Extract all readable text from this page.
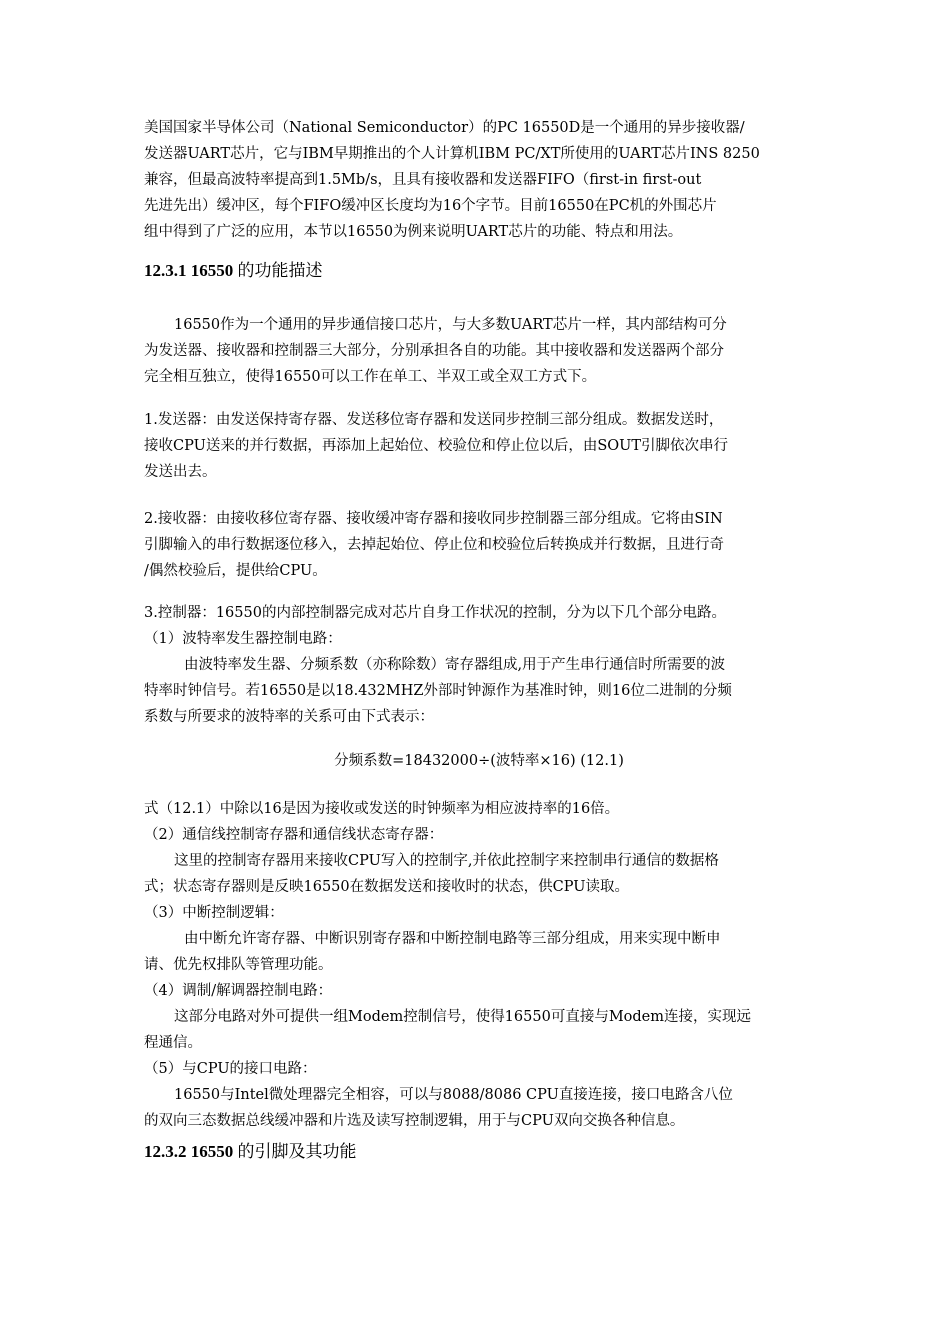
美国国家半导体公司（National Semiconductor）的PC 16550D是一个通用的异步接收器/
发送器UART芯片，它与IBM早期推出的个人计算机IBM PC/XT所使用的UART芯片INS 8250
兼容，但最高波特率提高到1.5Mb/s，且具有接收器和发送器FIFO（first-in first-out
先进先出）缓冲区，每个FIFO缓冲区长度均为16个字节。目前16550在PC机的外围芯片
组中得到了广泛的应用，本节以16550为例来说明UART芯片的功能、特点和用法。

12.3.1 16550 的功能描述

16550作为一个通用的异步通信接口芯片，与大多数UART芯片一样，其内部结构可分
为发送器、接收器和控制器三大部分，分别承担各自的功能。其中接收器和发送器两个部分
完全相互独立，使得16550可以工作在单工、半双工或全双工方式下。

1.发送器：由发送保持寄存器、发送移位寄存器和发送同步控制三部分组成。数据发送时，
接收CPU送来的并行数据，再添加上起始位、校验位和停止位以后，由SOUT引脚依次串行
发送出去。

2.接收器：由接收移位寄存器、接收缓冲寄存器和接收同步控制器三部分组成。它将由SIN
引脚输入的串行数据逐位移入，去掉起始位、停止位和校验位后转换成并行数据，且进行奇
/偶然校验后，提供给CPU。

3.控制器：16550的内部控制器完成对芯片自身工作状况的控制，分为以下几个部分电路。
（1）波特率发生器控制电路：
由波特率发生器、分频系数（亦称除数）寄存器组成,用于产生串行通信时所需要的波
特率时钟信号。若16550是以18.432MHZ外部时钟源作为基准时钟，则16位二进制的分频
系数与所要求的波特率的关系可由下式表示：

分频系数=18432000÷(波特率×16) (12.1)

式（12.1）中除以16是因为接收或发送的时钟频率为相应波持率的16倍。
（2）通信线控制寄存器和通信线状态寄存器：
这里的控制寄存器用来接收CPU写入的控制字,并依此控制字来控制串行通信的数据格
式；状态寄存器则是反映16550在数据发送和接收时的状态，供CPU读取。
（3）中断控制逻辑：
由中断允许寄存器、中断识别寄存器和中断控制电路等三部分组成，用来实现中断申
请、优先权排队等管理功能。
（4）调制/解调器控制电路：
这部分电路对外可提供一组Modem控制信号，使得16550可直接与Modem连接，实现远
程通信。
（5）与CPU的接口电路：
16550与Intel微处理器完全相容，可以与8088/8086 CPU直接连接，接口电路含八位
的双向三态数据总线缓冲器和片选及读写控制逻辑，用于与CPU双向交换各种信息。

12.3.2 16550 的引脚及其功能
